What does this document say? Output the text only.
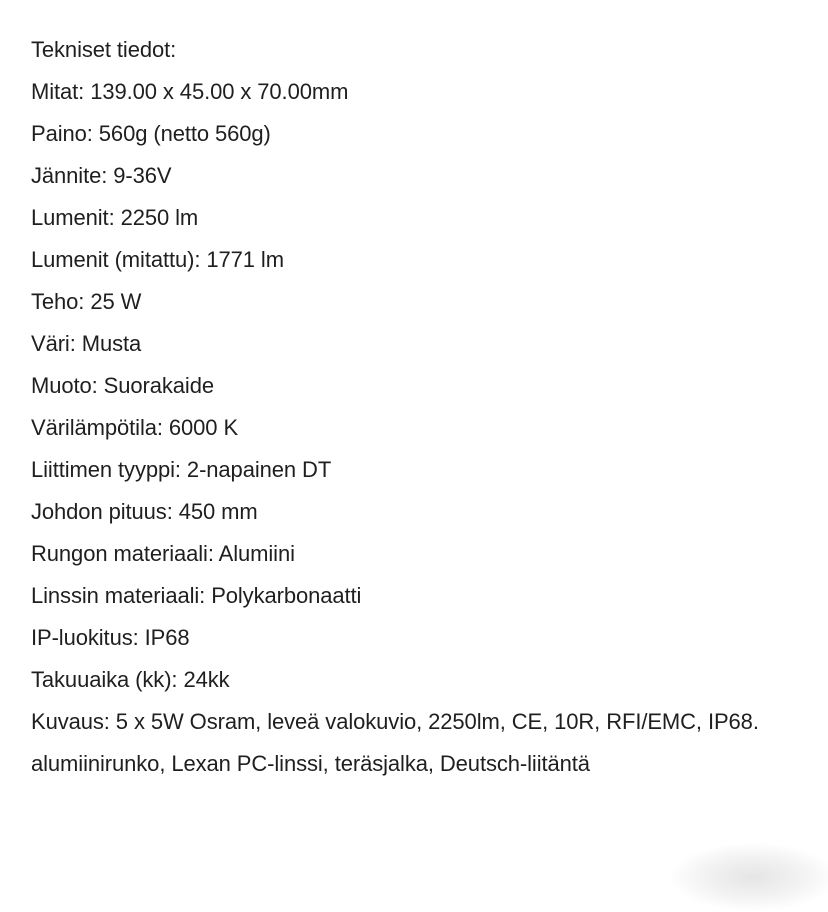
Tekniset tiedot:
Mitat: 139.00 x 45.00 x 70.00mm
Paino: 560g (netto 560g)
Jännite: 9-36V
Lumenit: 2250 lm
Lumenit (mitattu): 1771 lm
Teho: 25 W
Väri: Musta
Muoto: Suorakaide
Värilämpötila: 6000 K
Liittimen tyyppi: 2-napainen DT
Johdon pituus: 450 mm
Rungon materiaali: Alumiini
Linssin materiaali: Polykarbonaatti
IP-luokitus: IP68
Takuuaika (kk): 24kk
Kuvaus: 5 x 5W Osram, leveä valokuvio, 2250lm, CE, 10R, RFI/EMC, IP68.
alumiinirunko, Lexan PC-linssi, teräsjalka, Deutsch-liitäntä
